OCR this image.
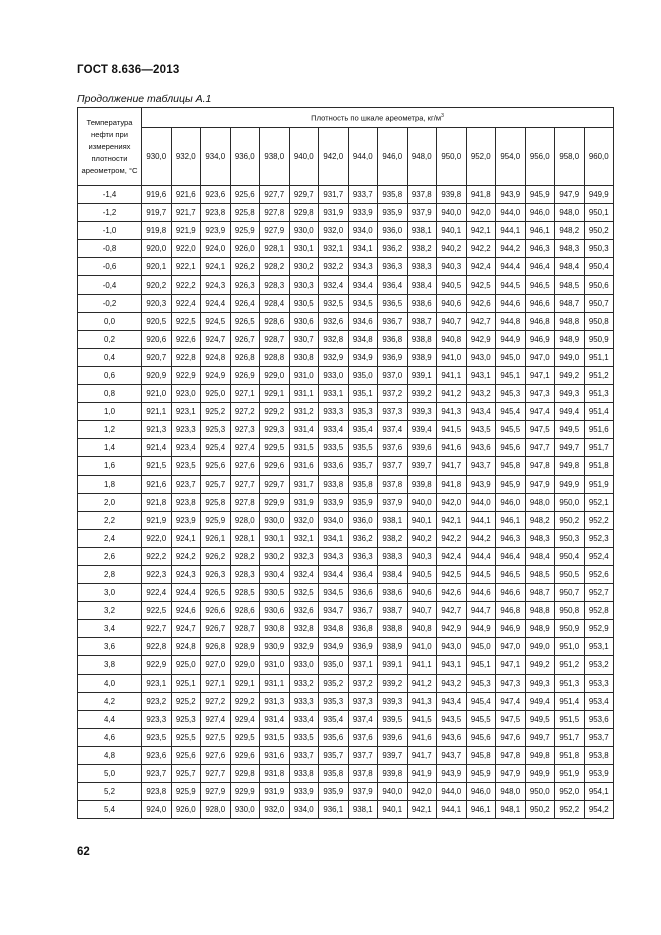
ГОСТ 8.636—2013
Продолжение таблицы А.1
Температура нефти при измерениях плотности ареометром, °С	Плотность по шкале ареометра, $кг/м^3$
	930,0	932,0	934,0	936,0	938,0	940,0	942,0	944,0	946,0	948,0	950,0	952,0	954,0	956,0	958,0	960,0
-1,4	919,6	921,6	923,6	925,6	927,7	929,7	931,7	933,7	935,8	937,8	939,8	941,8	943,9	945,9	947,9	949,9
-1,2	919,7	921,7	923,8	925,8	927,8	929,8	931,9	933,9	935,9	937,9	940,0	942,0	944,0	946,0	948,0	950,1
-1,0	919,8	921,9	923,9	925,9	927,9	930,0	932,0	934,0	936,0	938,1	940,1	942,1	944,1	946,1	948,2	950,2
-0,8	920,0	922,0	924,0	926,0	928,1	930,1	932,1	934,1	936,2	938,2	940,2	942,2	944,2	946,3	948,3	950,3
-0,6	920,1	922,1	924,1	926,2	928,2	930,2	932,2	934,3	936,3	938,3	940,3	942,4	944,4	946,4	948,4	950,4
-0,4	920,2	922,2	924,3	926,3	928,3	930,3	932,4	934,4	936,4	938,4	940,5	942,5	944,5	946,5	948,5	950,6
-0,2	920,3	922,4	924,4	926,4	928,4	930,5	932,5	934,5	936,5	938,6	940,6	942,6	944,6	946,6	948,7	950,7
0,0	920,5	922,5	924,5	926,5	928,6	930,6	932,6	934,6	936,7	938,7	940,7	942,7	944,8	946,8	948,8	950,8
0,2	920,6	922,6	924,7	926,7	928,7	930,7	932,8	934,8	936,8	938,8	940,8	942,9	944,9	946,9	948,9	950,9
0,4	920,7	922,8	924,8	926,8	928,8	930,8	932,9	934,9	936,9	938,9	941,0	943,0	945,0	947,0	949,0	951,1
0,6	920,9	922,9	924,9	926,9	929,0	931,0	933,0	935,0	937,0	939,1	941,1	943,1	945,1	947,1	949,2	951,2
0,8	921,0	923,0	925,0	927,1	929,1	931,1	933,1	935,1	937,2	939,2	941,2	943,2	945,3	947,3	949,3	951,3
1,0	921,1	923,1	925,2	927,2	929,2	931,2	933,3	935,3	937,3	939,3	941,3	943,4	945,4	947,4	949,4	951,4
1,2	921,3	923,3	925,3	927,3	929,3	931,4	933,4	935,4	937,4	939,4	941,5	943,5	945,5	947,5	949,5	951,6
1,4	921,4	923,4	925,4	927,4	929,5	931,5	933,5	935,5	937,6	939,6	941,6	943,6	945,6	947,7	949,7	951,7
1,6	921,5	923,5	925,6	927,6	929,6	931,6	933,6	935,7	937,7	939,7	941,7	943,7	945,8	947,8	949,8	951,8
1,8	921,6	923,7	925,7	927,7	929,7	931,7	933,8	935,8	937,8	939,8	941,8	943,9	945,9	947,9	949,9	951,9
2,0	921,8	923,8	925,8	927,8	929,9	931,9	933,9	935,9	937,9	940,0	942,0	944,0	946,0	948,0	950,0	952,1
2,2	921,9	923,9	925,9	928,0	930,0	932,0	934,0	936,0	938,1	940,1	942,1	944,1	946,1	948,2	950,2	952,2
2,4	922,0	924,1	926,1	928,1	930,1	932,1	934,1	936,2	938,2	940,2	942,2	944,2	946,3	948,3	950,3	952,3
2,6	922,2	924,2	926,2	928,2	930,2	932,3	934,3	936,3	938,3	940,3	942,4	944,4	946,4	948,4	950,4	952,4
2,8	922,3	924,3	926,3	928,3	930,4	932,4	934,4	936,4	938,4	940,5	942,5	944,5	946,5	948,5	950,5	952,6
3,0	922,4	924,4	926,5	928,5	930,5	932,5	934,5	936,6	938,6	940,6	942,6	944,6	946,6	948,7	950,7	952,7
3,2	922,5	924,6	926,6	928,6	930,6	932,6	934,7	936,7	938,7	940,7	942,7	944,7	946,8	948,8	950,8	952,8
3,4	922,7	924,7	926,7	928,7	930,8	932,8	934,8	936,8	938,8	940,8	942,9	944,9	946,9	948,9	950,9	952,9
3,6	922,8	924,8	926,8	928,9	930,9	932,9	934,9	936,9	938,9	941,0	943,0	945,0	947,0	949,0	951,0	953,1
3,8	922,9	925,0	927,0	929,0	931,0	933,0	935,0	937,1	939,1	941,1	943,1	945,1	947,1	949,2	951,2	953,2
4,0	923,1	925,1	927,1	929,1	931,1	933,2	935,2	937,2	939,2	941,2	943,2	945,3	947,3	949,3	951,3	953,3
4,2	923,2	925,2	927,2	929,2	931,3	933,3	935,3	937,3	939,3	941,3	943,4	945,4	947,4	949,4	951,4	953,4
4,4	923,3	925,3	927,4	929,4	931,4	933,4	935,4	937,4	939,5	941,5	943,5	945,5	947,5	949,5	951,5	953,6
4,6	923,5	925,5	927,5	929,5	931,5	933,5	935,6	937,6	939,6	941,6	943,6	945,6	947,6	949,7	951,7	953,7
4,8	923,6	925,6	927,6	929,6	931,6	933,7	935,7	937,7	939,7	941,7	943,7	945,8	947,8	949,8	951,8	953,8
5,0	923,7	925,7	927,7	929,8	931,8	933,8	935,8	937,8	939,8	941,9	943,9	945,9	947,9	949,9	951,9	953,9
5,2	923,8	925,9	927,9	929,9	931,9	933,9	935,9	937,9	940,0	942,0	944,0	946,0	948,0	950,0	952,0	954,1
5,4	924,0	926,0	928,0	930,0	932,0	934,0	936,1	938,1	940,1	942,1	944,1	946,1	948,1	950,2	952,2	954,2
62
